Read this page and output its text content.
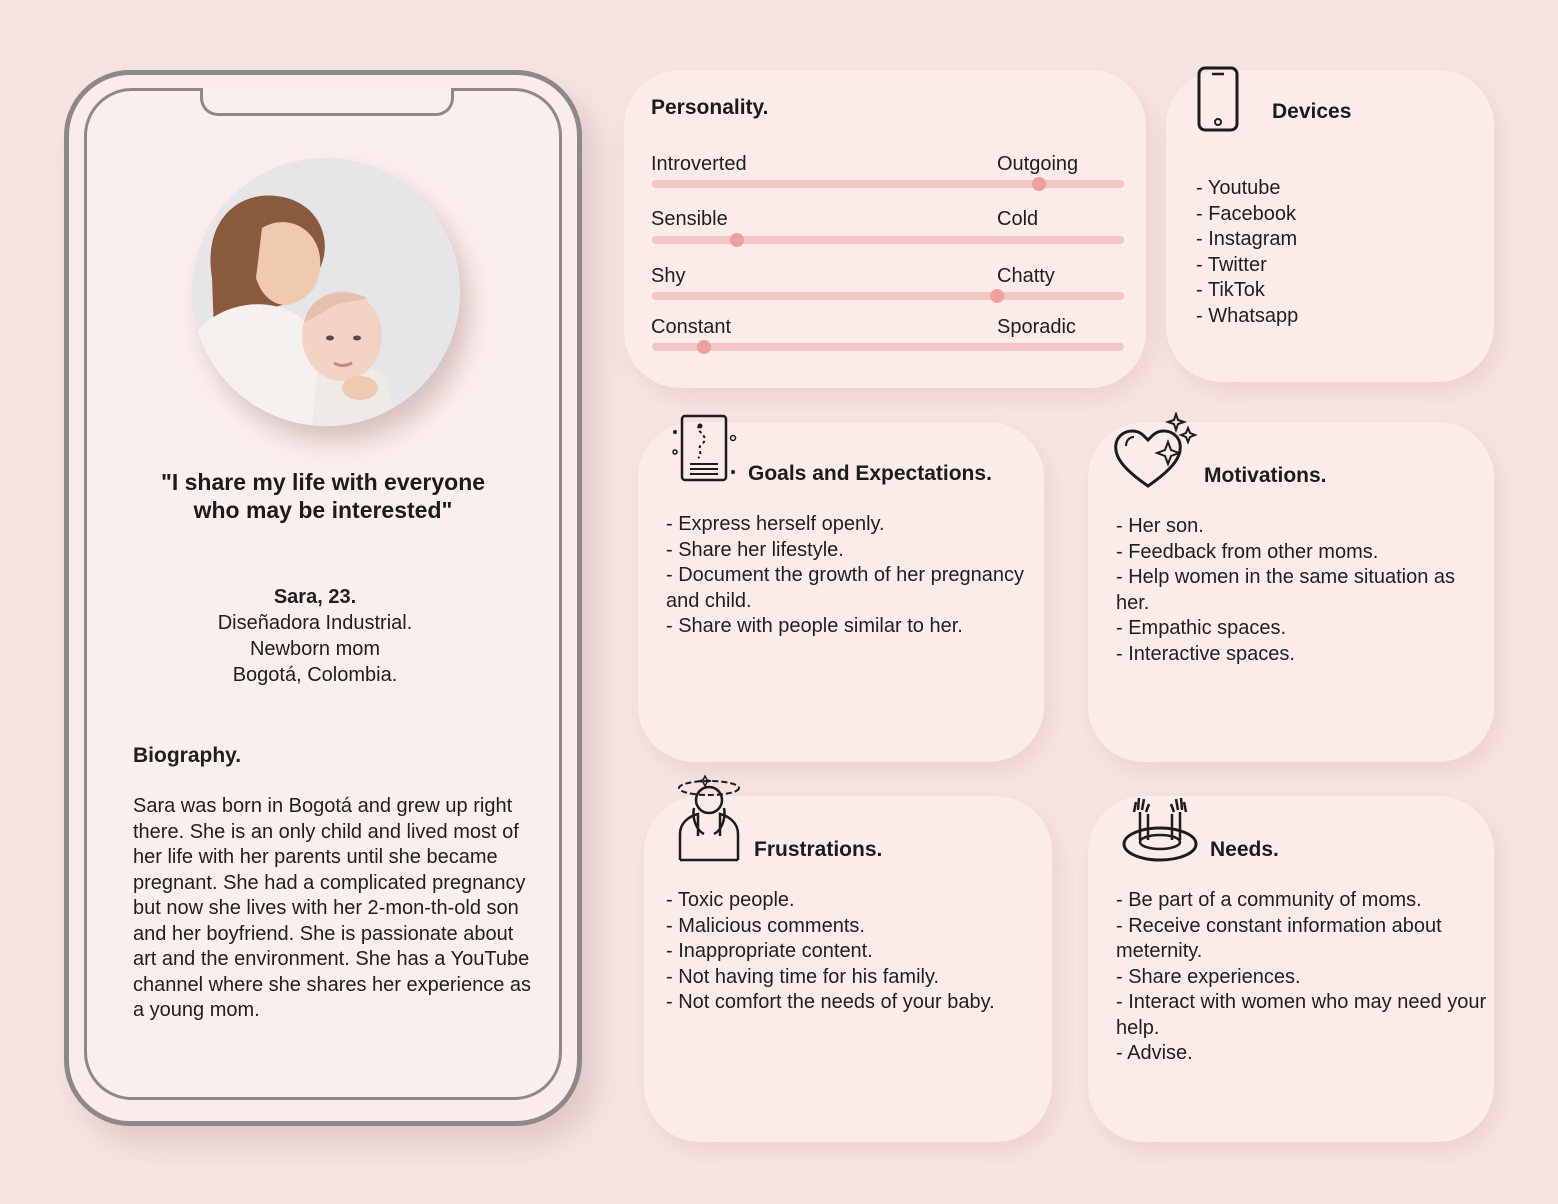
"I share my life with everyone who may be interested"
Sara, 23.
Diseñadora Industrial.
Newborn mom
Bogotá, Colombia.
Biography.
Sara was born in Bogotá and grew up right there. She is an only child and lived most of her life with her parents until she became pregnant. She had a complicated pregnancy but now she lives with her 2-mon-th-old son and her boyfriend. She is passionate about art and the environment. She has a YouTube channel where she shares her experience as a young mom.
Personality.
Introverted	Outgoing
Sensible	Cold
Shy	Chatty
Constant	Sporadic
Devices
- Youtube
- Facebook
- Instagram
- Twitter
- TikTok
- Whatsapp
Goals and Expectations.
- Express herself openly.
- Share her lifestyle.
- Document the growth of her pregnancy and child.
- Share with people similar to her.
Motivations.
- Her son.
- Feedback from other moms.
- Help women in the same situation as her.
- Empathic spaces.
- Interactive spaces.
Frustrations.
- Toxic people.
- Malicious comments.
- Inappropriate content.
- Not having time for his family.
- Not comfort the needs of your baby.
Needs.
- Be part of a community of moms.
- Receive constant information about meternity.
- Share experiences.
- Interact with women who may need your help.
- Advise.
